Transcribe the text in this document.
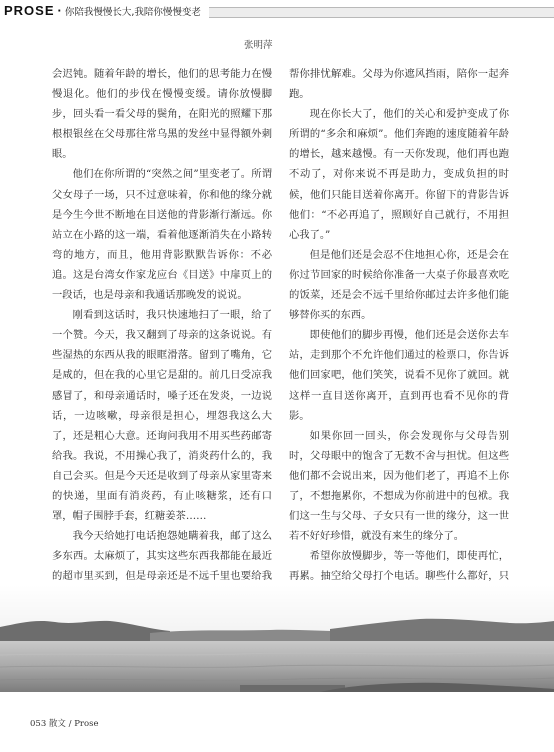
PROSE · 你陪我慢慢长大,我陪你慢慢变老
张明萍

会迟钝。随着年龄的增长，他们的思考能力在慢慢退化。他们的步伐在慢慢变缓。请你放慢脚步，回头看一看父母的鬓角，在阳光的照耀下那根根银丝在父母那往常乌黑的发丝中显得额外刺眼。

他们在你所谓的“突然之间”里变老了。所谓父女母子一场，只不过意味着，你和他的缘分就是今生今世不断地在目送他的背影渐行渐远。你站立在小路的这一端，看着他逐渐消失在小路转弯的地方，而且，他用背影默默告诉你：不必追。这是台湾女作家龙应台《目送》中扉页上的一段话，也是母亲和我通话那晚发的说说。

刚看到这话时，我只快速地扫了一眼，给了一个赞。今天，我又翻到了母亲的这条说说。有些湿热的东西从我的眼眶滑落。留到了嘴角，它是咸的，但在我的心里它是甜的。前几日受凉我感冒了，和母亲通话时，嗓子还在发炎，一边说话，一边咳嗽，母亲很是担心，埋怨我这么大了，还是粗心大意。还询问我用不用买些药邮寄给我。我说，不用操心我了，消炎药什么的，我自己会买。但是今天还是收到了母亲从家里寄来的快递，里面有消炎药，有止咳糖浆，还有口罩，帽子围脖手套，红糖姜茶……

我今天给她打电话抱怨她瞒着我，邮了这么多东西。太麻烦了，其实这些东西我都能在最近的超市里买到，但是母亲还是不远千里也要给我

帮你排忧解难。父母为你遮风挡雨，陪你一起奔跑。

现在你长大了，他们的关心和爱护变成了你所谓的“多余和麻烦”。他们奔跑的速度随着年龄的增长，越来越慢。有一天你发现，他们再也跑不动了，对你来说不再是助力，变成负担的时候，他们只能目送着你离开。你留下的背影告诉他们：“不必再追了，照顾好自己就行，不用担心我了。”

但是他们还是会忍不住地担心你，还是会在你过节回家的时候给你准备一大桌子你最喜欢吃的饭菜，还是会不远千里给你邮过去许多他们能够替你买的东西。

即使他们的脚步再慢，他们还是会送你去车站，走到那个不允许他们通过的检票口，你告诉他们回家吧，他们笑笑，说看不见你了就回。就这样一直目送你离开，直到再也看不见你的背影。

如果你回一回头，你会发现你与父母告别时，父母眼中的饱含了无数不舍与担忧。但这些他们都不会说出来，因为他们老了，再追不上你了，不想拖累你，不想成为你前进中的包袱。我们这一生与父母、子女只有一世的缘分，这一世若不好好珍惜，就没有来生的缘分了。

希望你放慢脚步，等一等他们，即使再忙，再累。抽空给父母打个电话。聊些什么都好，只

053 散文 / Prose
